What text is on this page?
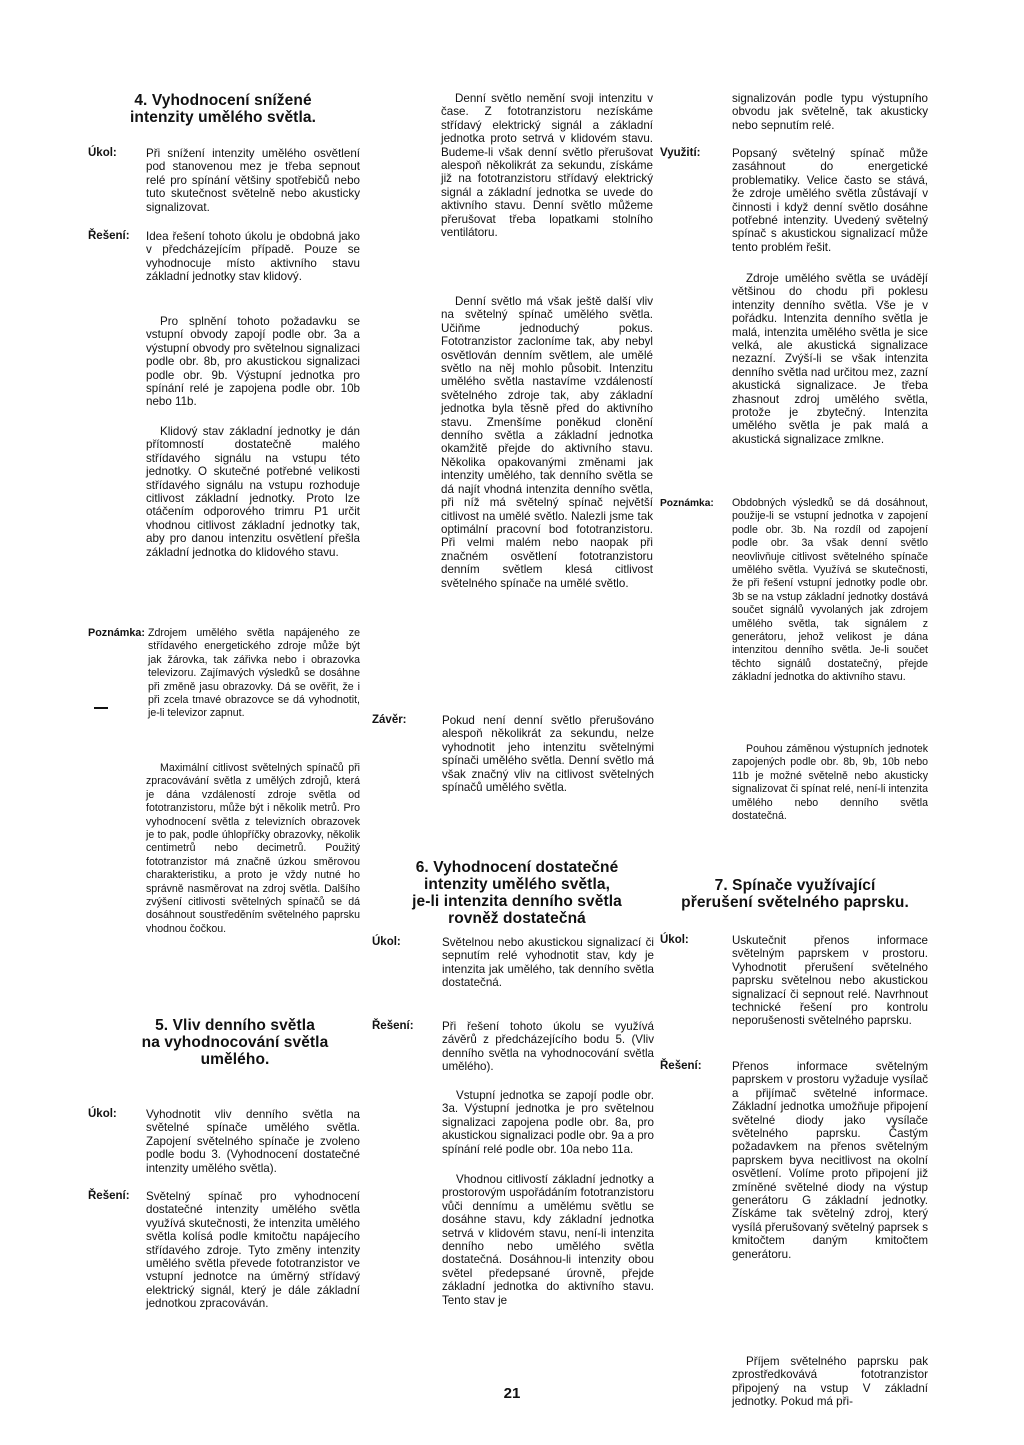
4. Vyhodnocení snížené
intenzity umělého světla.
Úkol:	Při snížení intenzity umělého osvětlení pod stanovenou mez je třeba sepnout relé pro spínání většiny spotřebičů nebo tuto skutečnost světelně nebo akusticky signalizovat.
Řešení:	Idea řešení tohoto úkolu je obdobná jako v předcházejícím případě. Pouze se vyhodnocuje místo aktivního stavu základní jednotky stav klidový.
Pro splnění tohoto požadavku se vstupní obvody zapojí podle obr. 3a a výstupní obvody pro světelnou signalizaci podle obr. 8b, pro akustickou signalizaci podle obr. 9b. Výstupní jednotka pro spínání relé je zapojena podle obr. 10b nebo 11b.
Klidový stav základní jednotky je dán přítomností dostatečně malého střídavého signálu na vstupu této jednotky. O skutečné potřebné velikosti střídavého signálu na vstupu rozhoduje citlivost základní jednotky. Proto lze otáčením odporového trimru P1 určit vhodnou citlivost základní jednotky tak, aby pro danou intenzitu osvětlení přešla základní jednotka do klidového stavu.
Poznámka: Zdrojem umělého světla napájeného ze střídavého energetického zdroje může být jak žárovka, tak zářivka nebo i obrazovka televizoru. Zajímavých výsledků se dosáhne při změně jasu obrazovky. Dá se ověřit, že i při zcela tmavé obrazovce se dá vyhodnotit, je-li televizor zapnut.
Maximální citlivost světelných spínačů při zpracovávání světla z umělých zdrojů, která je dána vzdáleností zdroje světla od fototranzistoru, může být i několik metrů. Pro vyhodnocení světla z televizních obrazovek je to pak, podle úhlopříčky obrazovky, několik centimetrů nebo decimetrů. Použitý fototranzistor má značně úzkou směrovou charakteristiku, a proto je vždy nutné ho správně nasměrovat na zdroj světla. Dalšího zvýšení citlivosti světelných spínačů se dá dosáhnout soustředěním světelného paprsku vhodnou čočkou.
5. Vliv denního světla
na vyhodnocování světla
umělého.
Úkol:	Vyhodnotit vliv denního světla na světelné spínače umělého světla. Zapojení světelného spínače je zvoleno podle bodu 3. (Vyhodnocení dostatečné intenzity umělého světla).
Řešení:	Světelný spínač pro vyhodnocení dostatečné intenzity umělého světla využívá skutečnosti, že intenzita umělého světla kolísá podle kmitočtu napájecího střídavého zdroje. Tyto změny intenzity umělého světla převede fototranzistor ve vstupní jednotce na úměrný střídavý elektrický signál, který je dále základní jednotkou zpracováván.
Denní světlo nemění svoji intenzitu v čase. Z fototranzistoru nezískáme střídavý elektrický signál a základní jednotka proto setrvá v klidovém stavu. Budeme-li však denní světlo přerušovat alespoň několikrát za sekundu, získáme již na fototranzistoru střídavý elektrický signál a základní jednotka se uvede do aktivního stavu. Denní světlo můžeme přerušovat třeba lopatkami stolního ventilátoru.
Denní světlo má však ještě další vliv na světelný spínač umělého světla. Učiňme jednoduchý pokus. Fototranzistor zacloníme tak, aby nebyl osvětlován denním světlem, ale umělé světlo na něj mohlo působit. Intenzitu umělého světla nastavíme vzdáleností světelného zdroje tak, aby základní jednotka byla těsně před do aktivního stavu. Zmenšíme poněkud clonění denního světla a základní jednotka okamžitě přejde do aktivního stavu. Několika opakovanými změnami jak intenzity umělého, tak denního světla se dá najít vhodná intenzita denního světla, při níž má světelný spínač největší citlivost na umělé světlo. Nalezli jsme tak optimální pracovní bod fototranzistoru. Při velmi malém nebo naopak při značném osvětlení fototranzistoru denním světlem klesá citlivost světelného spínače na umělé světlo.
Závěr:	Pokud není denní světlo přerušováno alespoň několikrát za sekundu, nelze vyhodnotit jeho intenzitu světelnými spínači umělého světla. Denní světlo má však značný vliv na citlivost světelných spínačů umělého světla.
6. Vyhodnocení dostatečné
intenzity umělého světla,
je-li intenzita denního světla
rovněž dostatečná
Úkol:	Světelnou nebo akustickou signalizací či sepnutím relé vyhodnotit stav, kdy je intenzita jak umělého, tak denního světla dostatečná.
Řešení:	Při řešení tohoto úkolu se využívá závěrů z předcházejícího bodu 5. (Vliv denního světla na vyhodnocování světla umělého).
Vstupní jednotka se zapojí podle obr. 3a. Výstupní jednotka je pro světelnou signalizaci zapojena podle obr. 8a, pro akustickou signalizaci podle obr. 9a a pro spínání relé podle obr. 10a nebo 11a.
Vhodnou citlivostí základní jednotky a prostorovým uspořádáním fototranzistoru vůči dennímu a umělému světlu se dosáhne stavu, kdy základní jednotka setrvá v klidovém stavu, není-li intenzita denního nebo umělého světla dostatečná. Dosáhnou-li intenzity obou světel předepsané úrovně, přejde základní jednotka do aktivního stavu. Tento stav je
21
signalizován podle typu výstupního obvodu jak světelně, tak akusticky nebo sepnutím relé.
Využití:	Popsaný světelný spínač může zasáhnout do energetické problematiky. Velice často se stává, že zdroje umělého světla zůstávají v činnosti i když denní světlo dosáhne potřebné intenzity. Uvedený světelný spínač s akustickou signalizací může tento problém řešit.
Zdroje umělého světla se uvádějí většinou do chodu při poklesu intenzity denního světla. Vše je v pořádku. Intenzita denního světla je malá, intenzita umělého světla je sice velká, ale akustická signalizace nezazní. Zvýší-li se však intenzita denního světla nad určitou mez, zazní akustická signalizace. Je třeba zhasnout zdroj umělého světla, protože je zbytečný. Intenzita umělého světla je pak malá a akustická signalizace zmlkne.
Poznámka:	Obdobných výsledků se dá dosáhnout, použije-li se vstupní jednotka v zapojení podle obr. 3b. Na rozdíl od zapojení podle obr. 3a však denní světlo neovlivňuje citlivost světelného spínače umělého světla. Využívá se skutečnosti, že při řešení vstupní jednotky podle obr. 3b se na vstup základní jednotky dostává součet signálů vyvolaných jak zdrojem umělého světla, tak signálem z generátoru, jehož velikost je dána intenzitou denního světla. Je-li součet těchto signálů dostatečný, přejde základní jednotka do aktivního stavu.
Pouhou záměnou výstupních jednotek zapojených podle obr. 8b, 9b, 10b nebo 11b je možné světelně nebo akusticky signalizovat či spínat relé, není-li intenzita umělého nebo denního světla dostatečná.
7. Spínače využívající
přerušení světelného paprsku.
Úkol:	Uskutečnit přenos informace světelným paprskem v prostoru. Vyhodnotit přerušení světelného paprsku světelnou nebo akustickou signalizací či sepnout relé. Navrhnout technické řešení pro kontrolu neporušenosti světelného paprsku.
Řešení:	Přenos informace světelným paprskem v prostoru vyžaduje vysílač a přijímač světelné informace. Základní jednotka umožňuje připojení světelné diody jako vysílače světelného paprsku. Častým požadavkem na přenos světelným paprskem byva necitlivost na okolní osvětlení. Volíme proto připojení již zmíněné světelné diody na výstup generátoru G základní jednotky. Získáme tak světelný zdroj, který vysílá přerušovaný světelný paprsek s kmitočtem daným kmitočtem generátoru.
Příjem světelného paprsku pak zprostředkovává fototranzistor připojený na vstup V základní jednotky. Pokud má při-
